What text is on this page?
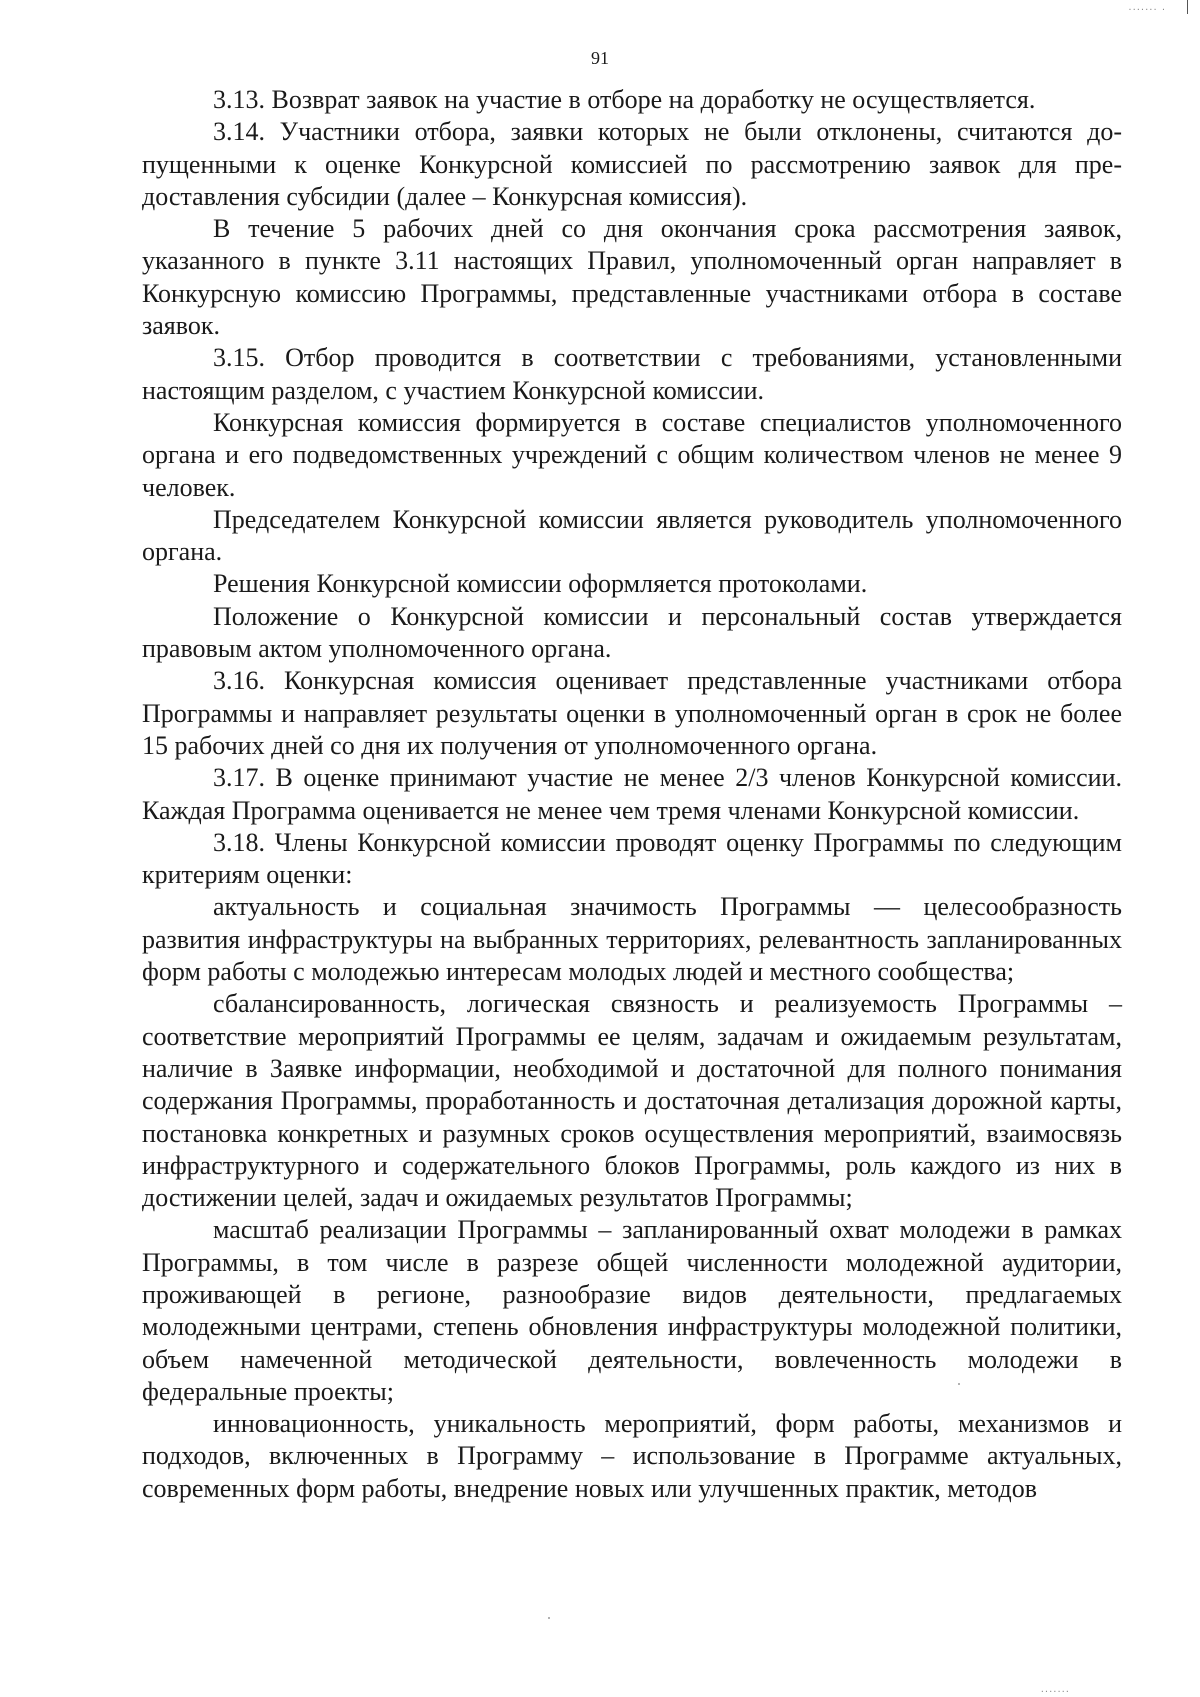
....... .
91

3.13. Возврат заявок на участие в отборе на доработку не осуществляется.

3.14. Участники отбора, заявки которых не были отклонены, считаются допущенными к оценке Конкурсной комиссией по рассмотрению заявок для предоставления субсидии (далее – Конкурсная комиссия).

В течение 5 рабочих дней со дня окончания срока рассмотрения заявок, указанного в пункте 3.11 настоящих Правил, уполномоченный орган направляет в Конкурсную комиссию Программы, представленные участниками отбора в составе заявок.

3.15. Отбор проводится в соответствии с требованиями, установленными настоящим разделом, с участием Конкурсной комиссии.

Конкурсная комиссия формируется в составе специалистов уполномоченного органа и его подведомственных учреждений с общим количеством членов не менее 9 человек.

Председателем Конкурсной комиссии является руководитель уполномоченного органа.

Решения Конкурсной комиссии оформляется протоколами.

Положение о Конкурсной комиссии и персональный состав утверждается правовым актом уполномоченного органа.

3.16. Конкурсная комиссия оценивает представленные участниками отбора Программы и направляет результаты оценки в уполномоченный орган в срок не более 15 рабочих дней со дня их получения от уполномоченного органа.

3.17. В оценке принимают участие не менее 2/3 членов Конкурсной комиссии. Каждая Программа оценивается не менее чем тремя членами Конкурсной комиссии.

3.18. Члены Конкурсной комиссии проводят оценку Программы по следующим критериям оценки:

актуальность и социальная значимость Программы — целесообразность развития инфраструктуры на выбранных территориях, релевантность запланированных форм работы с молодежью интересам молодых людей и местного сообщества;

сбалансированность, логическая связность и реализуемость Программы – соответствие мероприятий Программы ее целям, задачам и ожидаемым результатам, наличие в Заявке информации, необходимой и достаточной для полного понимания содержания Программы, проработанность и достаточная детализация дорожной карты, постановка конкретных и разумных сроков осуществления мероприятий, взаимосвязь инфраструктурного и содержательного блоков Программы, роль каждого из них в достижении целей, задач и ожидаемых результатов Программы;

масштаб реализации Программы – запланированный охват молодежи в рамках Программы, в том числе в разрезе общей численности молодежной аудитории, проживающей в регионе, разнообразие видов деятельности, предлагаемых молодежными центрами, степень обновления инфраструктуры молодежной политики, объем намеченной методической деятельности, вовлеченность молодежи в федеральные проекты;

инновационность, уникальность мероприятий, форм работы, механизмов и подходов, включенных в Программу – использование в Программе актуальных, современных форм работы, внедрение новых или улучшенных практик, методов

.......
